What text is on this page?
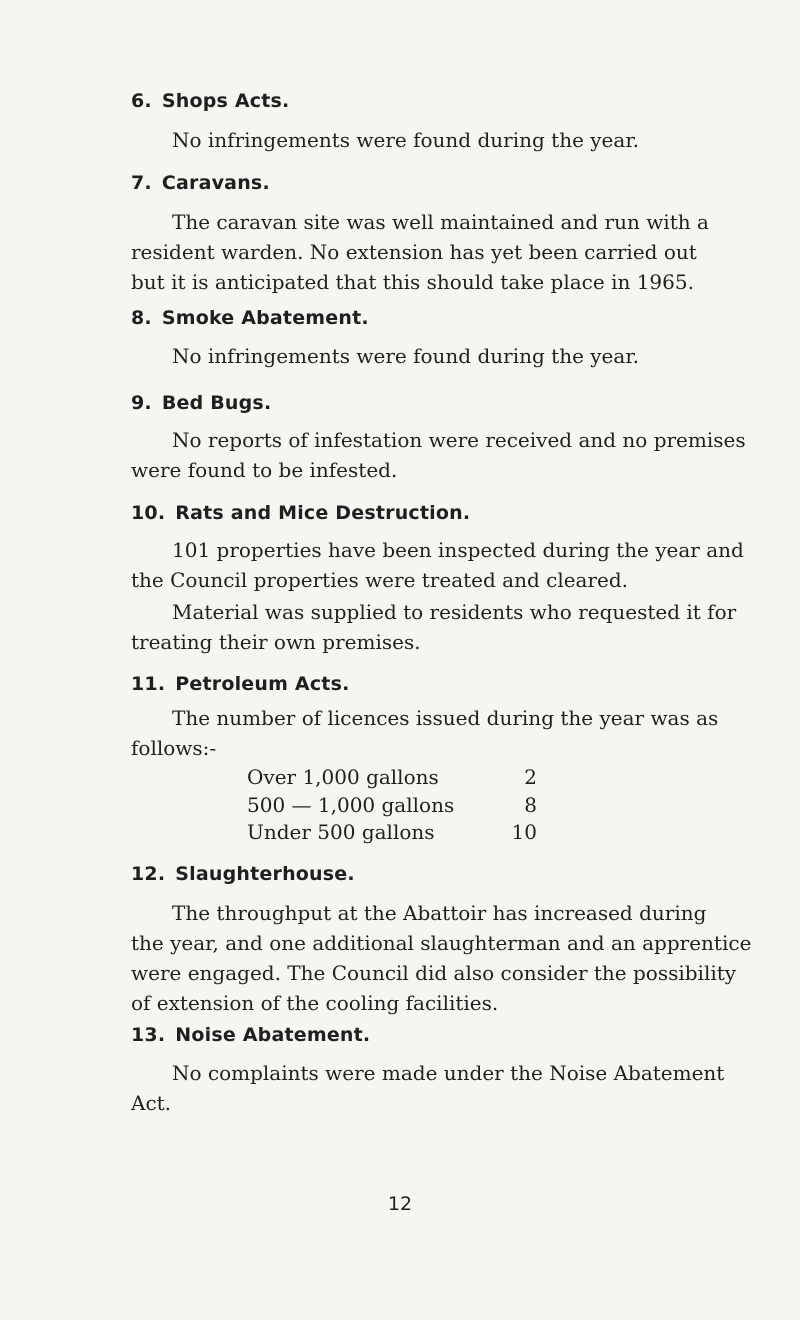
6. Shops Acts.
No infringements were found during the year.
7. Caravans.
The caravan site was well maintained and run with a
resident warden. No extension has yet been carried out
but it is anticipated that this should take place in 1965.
8. Smoke Abatement.
No infringements were found during the year.
9. Bed Bugs.
No reports of infestation were received and no premises
were found to be infested.
10. Rats and Mice Destruction.
101 properties have been inspected during the year and
the Council properties were treated and cleared.
Material was supplied to residents who requested it for
treating their own premises.
11. Petroleum Acts.
The number of licences issued during the year was as
follows:-
Over 1,000 gallons	2
500 — 1,000 gallons	8
Under 500 gallons	10
12. Slaughterhouse.
The throughput at the Abattoir has increased during
the year, and one additional slaughterman and an apprentice
were engaged. The Council did also consider the possibility
of extension of the cooling facilities.
13. Noise Abatement.
No complaints were made under the Noise Abatement
Act.
12
